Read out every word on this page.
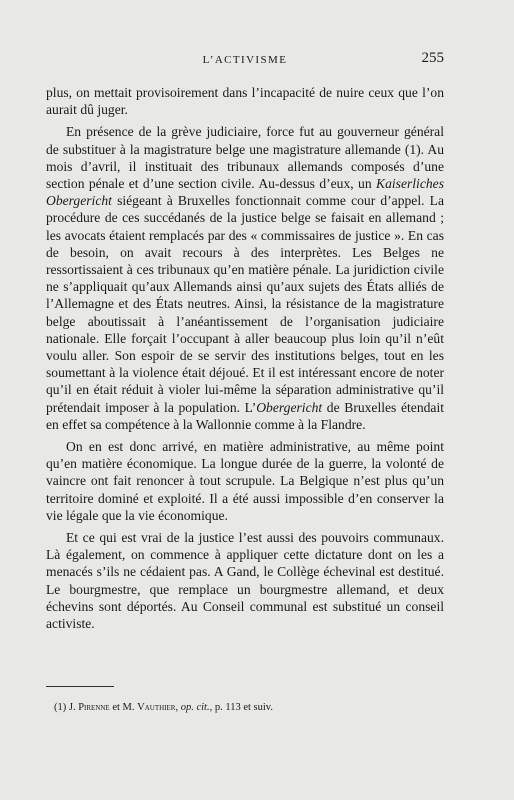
L’ACTIVISME	255

plus, on mettait provisoirement dans l’incapacité de nuire ceux que l’on aurait dû juger.

En présence de la grève judiciaire, force fut au gouverneur général de substituer à la magistrature belge une magistrature allemande (1). Au mois d’avril, il instituait des tribunaux allemands composés d’une section pénale et d’une section civile. Au-dessus d’eux, un Kaiserliches Obergericht siégeant à Bruxelles fonctionnait comme cour d’appel. La procédure de ces succédanés de la justice belge se faisait en allemand ; les avocats étaient remplacés par des « commissaires de justice ». En cas de besoin, on avait recours à des interprètes. Les Belges ne ressortissaient à ces tribunaux qu’en matière pénale. La juridiction civile ne s’appliquait qu’aux Allemands ainsi qu’aux sujets des États alliés de l’Allemagne et des États neutres. Ainsi, la résistance de la magistrature belge aboutissait à l’anéantissement de l’organisation judiciaire nationale. Elle forçait l’occupant à aller beaucoup plus loin qu’il n’eût voulu aller. Son espoir de se servir des institutions belges, tout en les soumettant à la violence était déjoué. Et il est intéressant encore de noter qu’il en était réduit à violer lui-même la séparation administrative qu’il prétendait imposer à la population. L’Obergericht de Bruxelles étendait en effet sa compétence à la Wallonnie comme à la Flandre.

On en est donc arrivé, en matière administrative, au même point qu’en matière économique. La longue durée de la guerre, la volonté de vaincre ont fait renoncer à tout scrupule. La Belgique n’est plus qu’un territoire dominé et exploité. Il a été aussi impossible d’en conserver la vie légale que la vie économique.

Et ce qui est vrai de la justice l’est aussi des pouvoirs communaux. Là également, on commence à appliquer cette dictature dont on les a menacés s’ils ne cédaient pas. A Gand, le Collège échevinal est destitué. Le bourgmestre, que remplace un bourgmestre allemand, et deux échevins sont déportés. Au Conseil communal est substitué un conseil activiste.

(1) J. Pirenne et M. Vauthier, op. cit., p. 113 et suiv.
